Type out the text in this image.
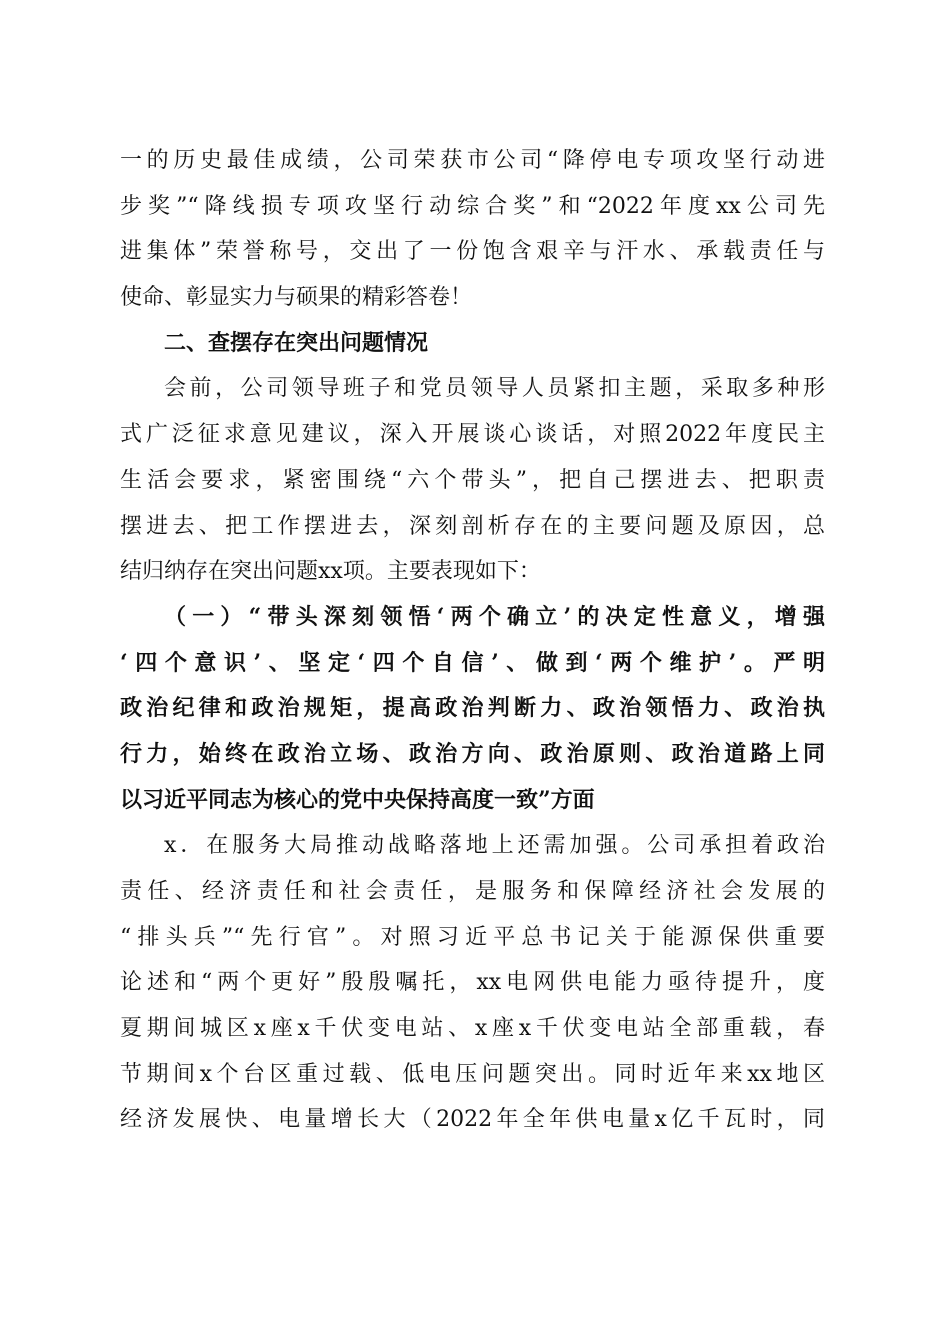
一的历史最佳成绩，公司荣获市公司“降停电专项攻坚行动进
步奖”“降线损专项攻坚行动综合奖”和“2022年度xx公司先
进集体”荣誉称号，交出了一份饱含艰辛与汗水、承载责任与
使命、彰显实力与硕果的精彩答卷！
二、查摆存在突出问题情况
会前，公司领导班子和党员领导人员紧扣主题，采取多种形
式广泛征求意见建议，深入开展谈心谈话，对照2022年度民主
生活会要求，紧密围绕“六个带头”，把自己摆进去、把职责
摆进去、把工作摆进去，深刻剖析存在的主要问题及原因，总
结归纳存在突出问题xx项。主要表现如下：
（一）“带头深刻领悟‘两个确立’的决定性意义，增强
‘四个意识’、坚定‘四个自信’、做到‘两个维护’。严明
政治纪律和政治规矩，提高政治判断力、政治领悟力、政治执
行力，始终在政治立场、政治方向、政治原则、政治道路上同
以习近平同志为核心的党中央保持高度一致”方面
x．在服务大局推动战略落地上还需加强。公司承担着政治
责任、经济责任和社会责任，是服务和保障经济社会发展的
“排头兵”“先行官”。对照习近平总书记关于能源保供重要
论述和“两个更好”殷殷嘱托，xx电网供电能力亟待提升，度
夏期间城区x座x千伏变电站、x座x千伏变电站全部重载，春
节期间x个台区重过载、低电压问题突出。同时近年来xx地区
经济发展快、电量增长大（2022年全年供电量x亿千瓦时，同
